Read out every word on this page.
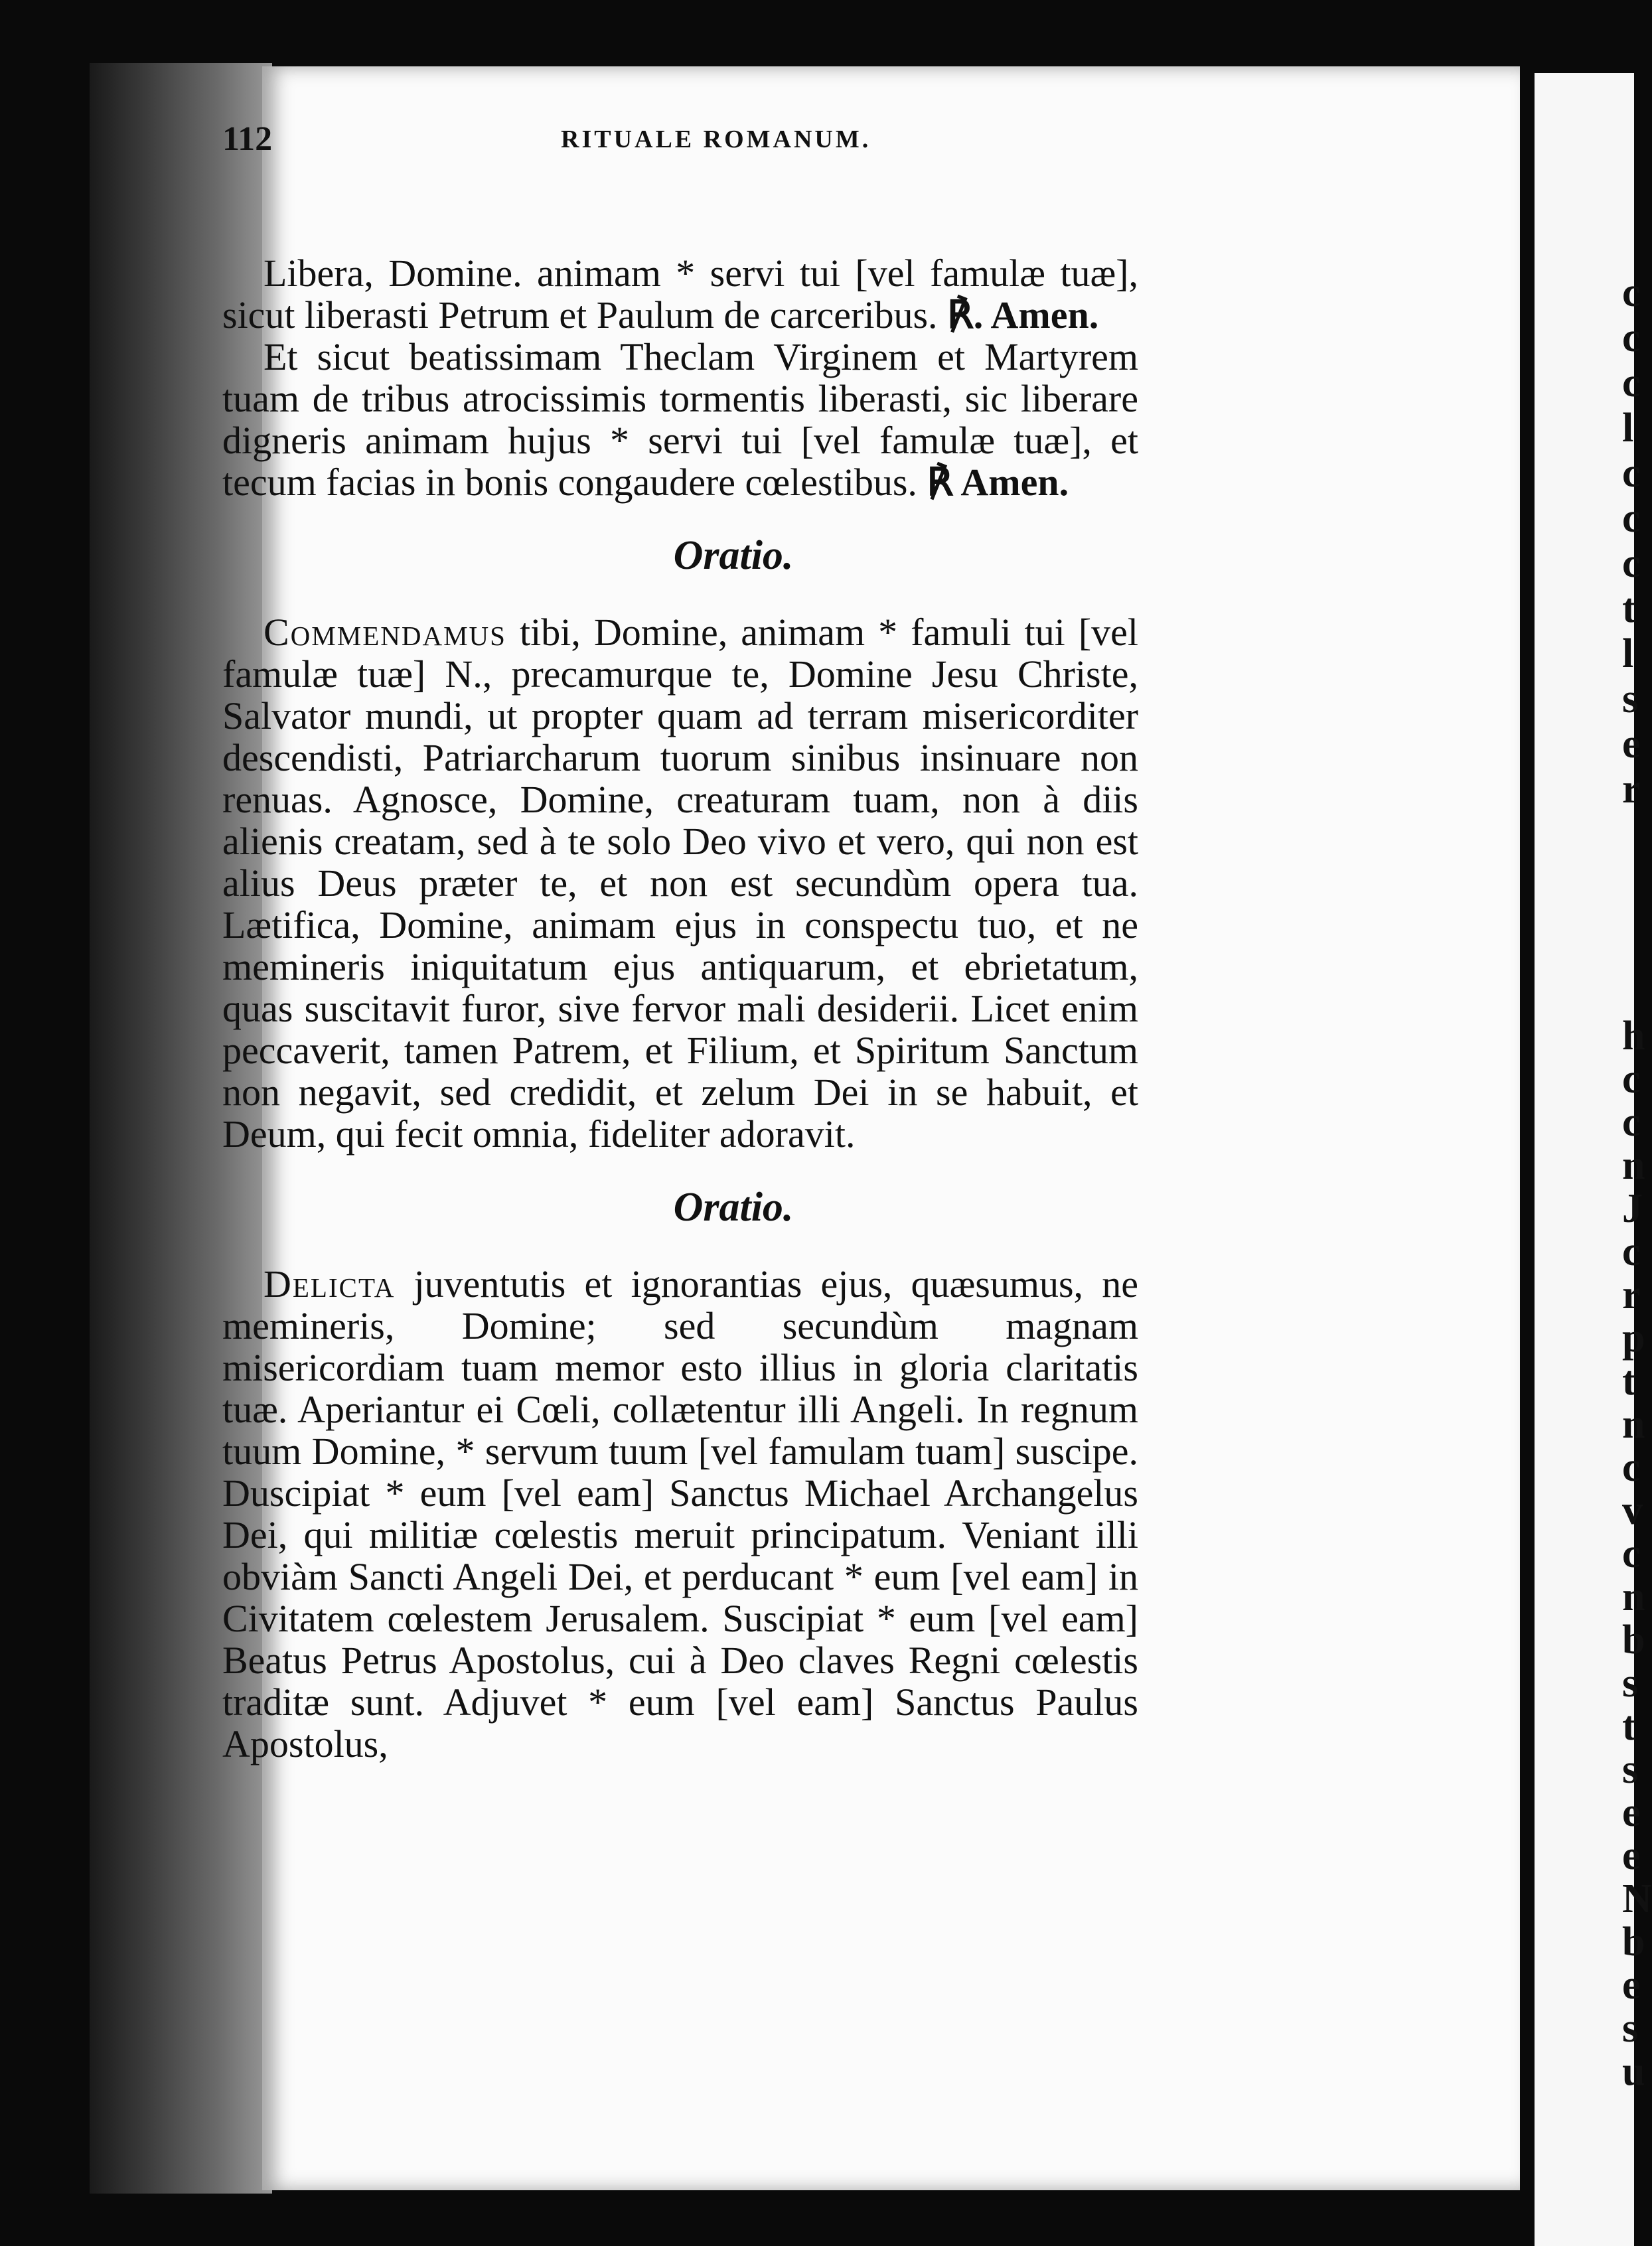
c
c
c
l
c
c
c
t
l
s
e
r
h
c
c
n
J
c
r
p
t
n
c
v
c
n
b
s
t
s
e
e
N
b
e
s
u
112	RITUALE ROMANUM.

Libera, Domine. animam * servi tui [vel famulæ tuæ], sicut liberasti Petrum et Paulum de carceribus. ℟. Amen.

Et sicut beatissimam Theclam Virginem et Martyrem tuam de tribus atrocissimis tormentis liberasti, sic liberare digneris animam hujus * servi tui [vel famulæ tuæ], et tecum facias in bonis congaudere cœlestibus. ℟ Amen.

Oratio.

Commendamus tibi, Domine, animam * famuli tui [vel famulæ tuæ] N., precamurque te, Domine Jesu Christe, Salvator mundi, ut propter quam ad terram misericorditer descendisti, Patriarcharum tuorum sinibus insinuare non renuas. Agnosce, Domine, creaturam tuam, non à diis alienis creatam, sed à te solo Deo vivo et vero, qui non est alius Deus præter te, et non est secundùm opera tua. Lætifica, Domine, animam ejus in conspectu tuo, et ne memineris iniquitatum ejus antiquarum, et ebrietatum, quas suscitavit furor, sive fervor mali desiderii. Licet enim peccaverit, tamen Patrem, et Filium, et Spiritum Sanctum non negavit, sed credidit, et zelum Dei in se habuit, et Deum, qui fecit omnia, fideliter adoravit.

Oratio.

Delicta juventutis et ignorantias ejus, quæsumus, ne memineris, Domine; sed secundùm magnam misericordiam tuam memor esto illius in gloria claritatis tuæ. Aperiantur ei Cœli, collætentur illi Angeli. In regnum tuum Domine, * servum tuum [vel famulam tuam] suscipe. Duscipiat * eum [vel eam] Sanctus Michael Archangelus Dei, qui militiæ cœlestis meruit principatum. Veniant illi obviàm Sancti Angeli Dei, et perducant * eum [vel eam] in Civitatem cœlestem Jerusalem. Suscipiat * eum [vel eam] Beatus Petrus Apostolus, cui à Deo claves Regni cœlestis traditæ sunt. Adjuvet * eum [vel eam] Sanctus Paulus Apostolus,
